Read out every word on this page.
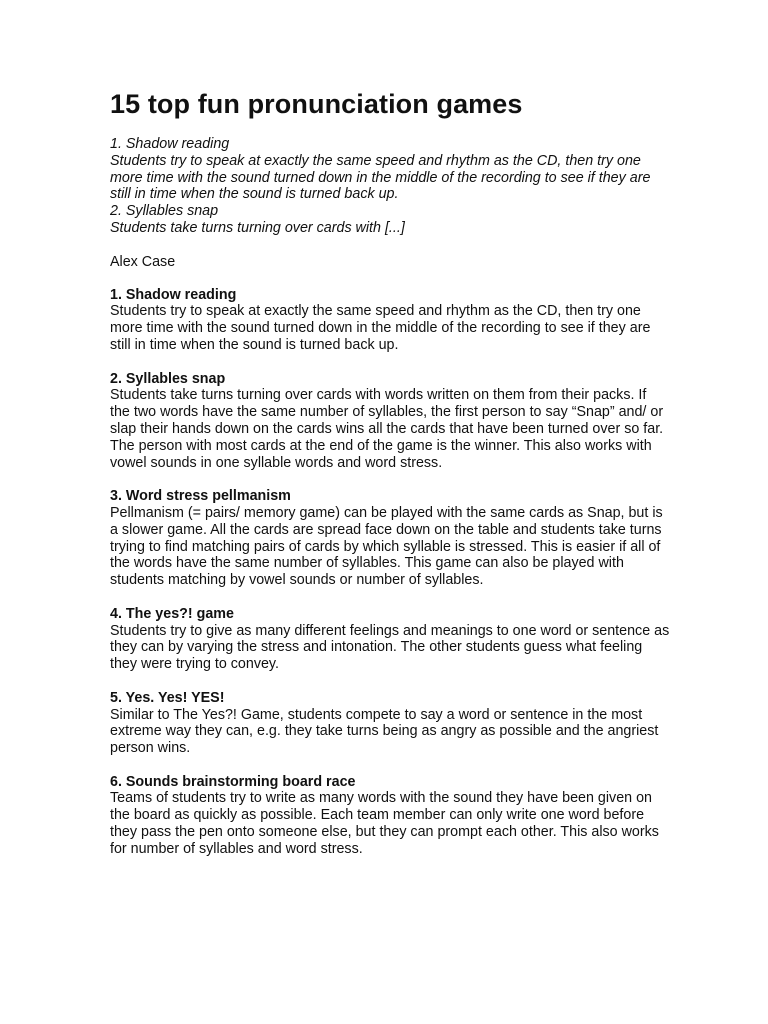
15 top fun pronunciation games

1. Shadow reading

Students try to speak at exactly the same speed and rhythm as the CD, then try one more time with the sound turned down in the middle of the recording to see if they are still in time when the sound is turned back up.

2. Syllables snap

Students take turns turning over cards with [...]

Alex Case

1. Shadow reading

Students try to speak at exactly the same speed and rhythm as the CD, then try one more time with the sound turned down in the middle of the recording to see if they are still in time when the sound is turned back up.

2. Syllables snap

Students take turns turning over cards with words written on them from their packs. If the two words have the same number of syllables, the first person to say “Snap” and/ or slap their hands down on the cards wins all the cards that have been turned over so far. The person with most cards at the end of the game is the winner. This also works with vowel sounds in one syllable words and word stress.

3. Word stress pellmanism

Pellmanism (= pairs/ memory game) can be played with the same cards as Snap, but is a slower game. All the cards are spread face down on the table and students take turns trying to find matching pairs of cards by which syllable is stressed. This is easier if all of the words have the same number of syllables. This game can also be played with students matching by vowel sounds or number of syllables.

4. The yes?! game

Students try to give as many different feelings and meanings to one word or sentence as they can by varying the stress and intonation. The other students guess what feeling they were trying to convey.

5. Yes. Yes! YES!

Similar to The Yes?! Game, students compete to say a word or sentence in the most extreme way they can, e.g. they take turns being as angry as possible and the angriest person wins.

6. Sounds brainstorming board race

Teams of students try to write as many words with the sound they have been given on the board as quickly as possible. Each team member can only write one word before they pass the pen onto someone else, but they can prompt each other. This also works for number of syllables and word stress.
